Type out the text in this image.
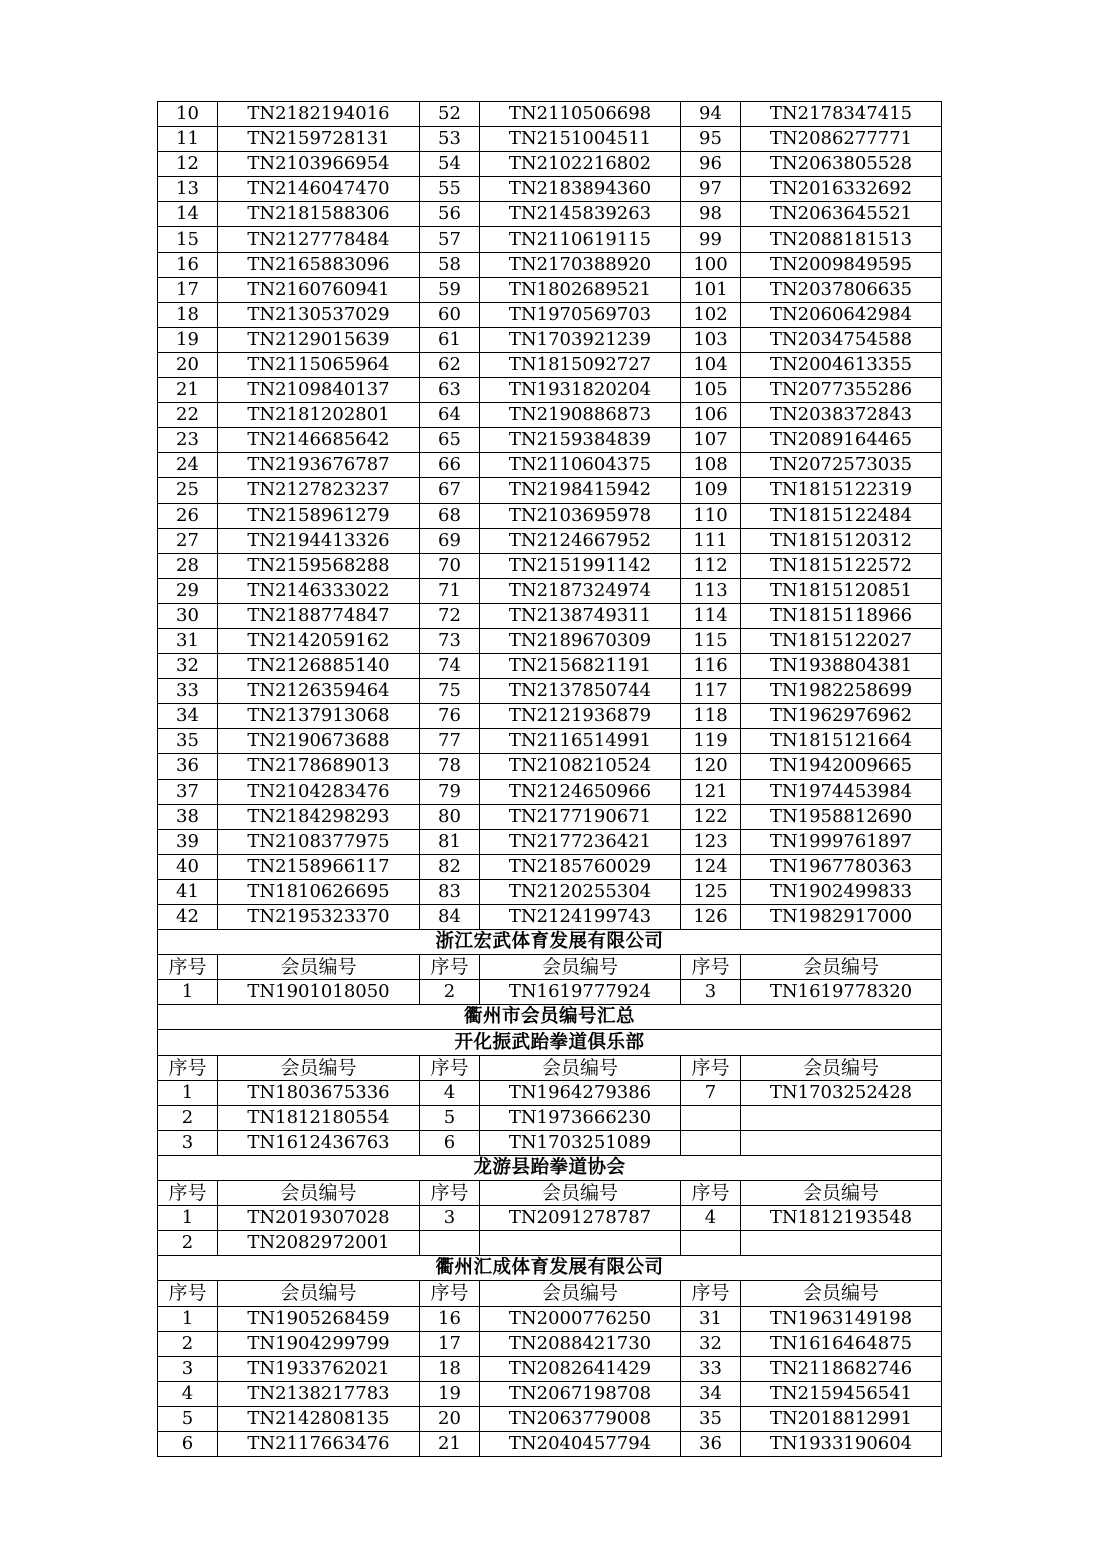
10	TN2182194016	52	TN2110506698	94	TN2178347415
11	TN2159728131	53	TN2151004511	95	TN2086277771
12	TN2103966954	54	TN2102216802	96	TN2063805528
13	TN2146047470	55	TN2183894360	97	TN2016332692
14	TN2181588306	56	TN2145839263	98	TN2063645521
15	TN2127778484	57	TN2110619115	99	TN2088181513
16	TN2165883096	58	TN2170388920	100	TN2009849595
17	TN2160760941	59	TN1802689521	101	TN2037806635
18	TN2130537029	60	TN1970569703	102	TN2060642984
19	TN2129015639	61	TN1703921239	103	TN2034754588
20	TN2115065964	62	TN1815092727	104	TN2004613355
21	TN2109840137	63	TN1931820204	105	TN2077355286
22	TN2181202801	64	TN2190886873	106	TN2038372843
23	TN2146685642	65	TN2159384839	107	TN2089164465
24	TN2193676787	66	TN2110604375	108	TN2072573035
25	TN2127823237	67	TN2198415942	109	TN1815122319
26	TN2158961279	68	TN2103695978	110	TN1815122484
27	TN2194413326	69	TN2124667952	111	TN1815120312
28	TN2159568288	70	TN2151991142	112	TN1815122572
29	TN2146333022	71	TN2187324974	113	TN1815120851
30	TN2188774847	72	TN2138749311	114	TN1815118966
31	TN2142059162	73	TN2189670309	115	TN1815122027
32	TN2126885140	74	TN2156821191	116	TN1938804381
33	TN2126359464	75	TN2137850744	117	TN1982258699
34	TN2137913068	76	TN2121936879	118	TN1962976962
35	TN2190673688	77	TN2116514991	119	TN1815121664
36	TN2178689013	78	TN2108210524	120	TN1942009665
37	TN2104283476	79	TN2124650966	121	TN1974453984
38	TN2184298293	80	TN2177190671	122	TN1958812690
39	TN2108377975	81	TN2177236421	123	TN1999761897
40	TN2158966117	82	TN2185760029	124	TN1967780363
41	TN1810626695	83	TN2120255304	125	TN1902499833
42	TN2195323370	84	TN2124199743	126	TN1982917000
浙江宏武体育发展有限公司					
序号	会员编号	序号	会员编号	序号	会员编号
1	TN1901018050	2	TN1619777924	3	TN1619778320
衢州市会员编号汇总					
开化振武跆拳道俱乐部					
序号	会员编号	序号	会员编号	序号	会员编号
1	TN1803675336	4	TN1964279386	7	TN1703252428
2	TN1812180554	5	TN1973666230		
3	TN1612436763	6	TN1703251089		
龙游县跆拳道协会					
序号	会员编号	序号	会员编号	序号	会员编号
1	TN2019307028	3	TN2091278787	4	TN1812193548
2	TN2082972001				
衢州汇成体育发展有限公司					
序号	会员编号	序号	会员编号	序号	会员编号
1	TN1905268459	16	TN2000776250	31	TN1963149198
2	TN1904299799	17	TN2088421730	32	TN1616464875
3	TN1933762021	18	TN2082641429	33	TN2118682746
4	TN2138217783	19	TN2067198708	34	TN2159456541
5	TN2142808135	20	TN2063779008	35	TN2018812991
6	TN2117663476	21	TN2040457794	36	TN1933190604
